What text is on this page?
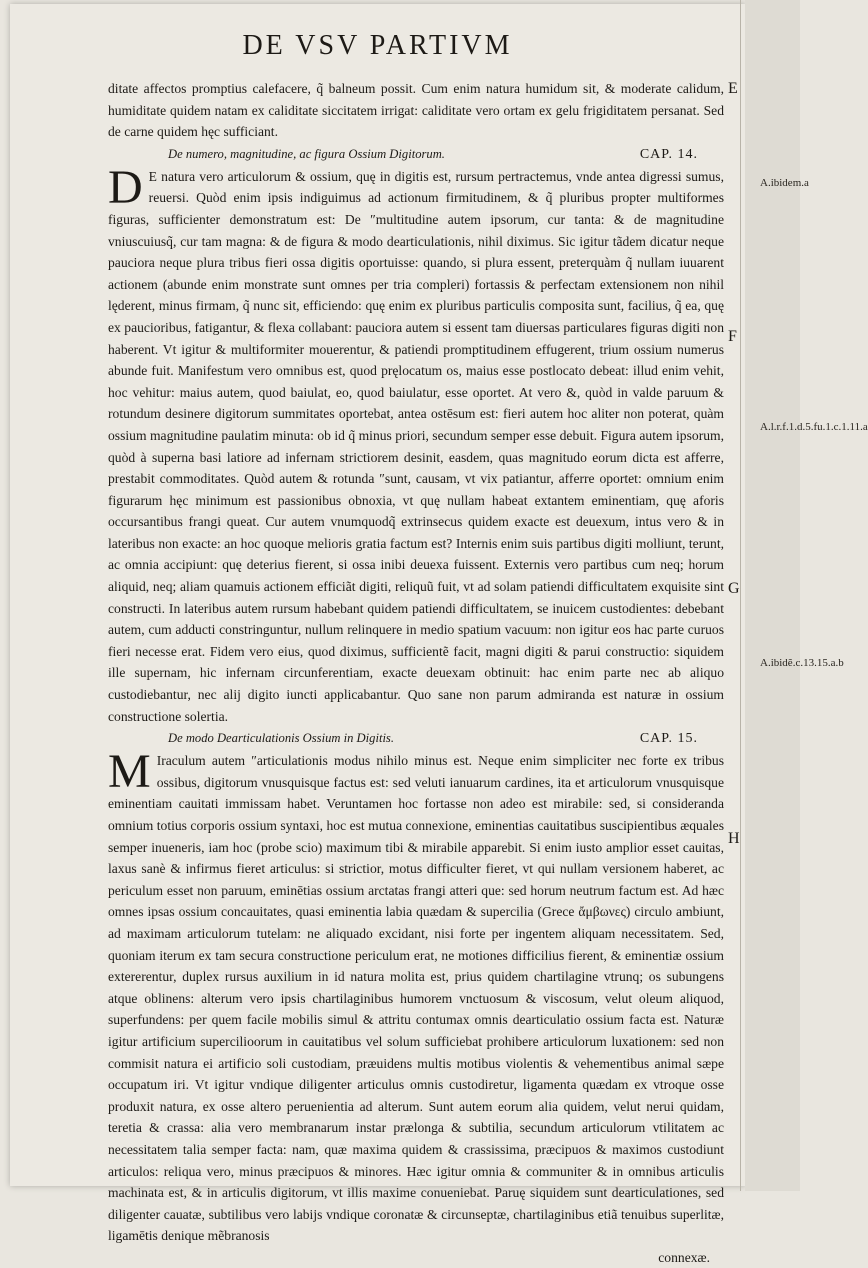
DE VSV PARTIVM

ditate affectos promptius calefacere, q̃ balneum possit. Cum enim natura humidum sit, & moderate calidum, humiditate quidem natam ex caliditate siccitatem irrigat: caliditate vero ortam ex gelu frigiditatem persanat. Sed de carne quidem hęc sufficiant.

De numero, magnitudine, ac figura Ossium Digitorum.	CAP. 14.

D E natura vero articulorum & ossium, quę in digitis est, rursum pertractemus, vnde antea digressi sumus, reuersi. Quòd enim ipsis indiguimus ad actionum firmitudinem, & q̃ pluribus propter multiformes figuras, sufficienter demonstratum est: De ″multitudine autem ipsorum, cur tanta: & de magnitudine vniuscuiusq̃, cur tam magna: & de figura & modo dearticulationis, nihil diximus. Sic igitur tãdem dicatur neque pauciora neque plura tribus fieri ossa digitis oportuisse: quando, si plura essent, preterquàm q̃ nullam iuuarent actionem (abunde enim monstrate sunt omnes per tria compleri) fortassis & perfectam extensionem non nihil lęderent, minus firmam, q̃ nunc sit, efficiendo: quę enim ex pluribus particulis composita sunt, facilius, q̃ ea, quę ex paucioribus, fatigantur, & flexa collabant: pauciora autem si essent tam diuersas particulares figuras digiti non haberent. Vt igitur & multiformiter mouerentur, & patiendi promptitudinem effugerent, trium ossium numerus abunde fuit. Manifestum vero omnibus est, quod pręlocatum os, maius esse postlocato debeat: illud enim vehit, hoc vehitur: maius autem, quod baiulat, eo, quod baiulatur, esse oportet. At vero &, quòd in valde paruum & rotundum desinere digitorum summitates oportebat, antea ostēsum est: fieri autem hoc aliter non poterat, quàm ossium magnitudine paulatim minuta: ob id q̃ minus priori, secundum semper esse debuit. Figura autem ipsorum, quòd à superna basi latiore ad infernam strictiorem desinit, easdem, quas magnitudo eorum dicta est afferre, prestabit commoditates. Quòd autem & rotunda ″sunt, causam, vt vix patiantur, afferre oportet: omnium enim figurarum hęc minimum est passionibus obnoxia, vt quę nullam habeat extantem eminentiam, quę aforis occursantibus frangi queat. Cur autem vnumquodq̃ extrinsecus quidem exacte est deuexum, intus vero & in lateribus non exacte: an hoc quoque melioris gratia factum est? Internis enim suis partibus digiti molliunt, terunt, ac omnia accipiunt: quę deterius fierent, si ossa inibi deuexa fuissent. Externis vero partibus cum neq; horum aliquid, neq; aliam quamuis actionem efficiãt digiti, reliquũ fuit, vt ad solam patiendi difficultatem exquisite sint constructi. In lateribus autem rursum habebant quidem patiendi difficultatem, se inuicem custodientes: debebant autem, cum adducti constringuntur, nullum relinquere in medio spatium vacuum: non igitur eos hac parte curuos fieri necesse erat. Fidem vero eius, quod diximus, sufficientẽ facit, magni digiti & parui constructio: siquidem ille supernam, hic infernam circunferentiam, exacte deuexam obtinuit: hac enim parte nec ab aliquo custodiebantur, nec alij digito iuncti applicabantur. Quo sane non parum admiranda est naturæ in ossium constructione solertia.

De modo Dearticulationis Ossium in Digitis.	CAP. 15.

M Iraculum autem ″articulationis modus nihilo minus est. Neque enim simpliciter nec forte ex tribus ossibus, digitorum vnusquisque factus est: sed veluti ianuarum cardines, ita et articulorum vnusquisque eminentiam cauitati immissam habet. Veruntamen hoc fortasse non adeo est mirabile: sed, si consideranda omnium totius corporis ossium syntaxi, hoc est mutua connexione, eminentias cauitatibus suscipientibus æquales semper inueneris, iam hoc (probe scio) maximum tibi & mirabile apparebit. Si enim iusto amplior esset cauitas, laxus sanè & infirmus fieret articulus: si strictior, motus difficulter fieret, vt qui nullam versionem haberet, ac periculum esset non paruum, eminētias ossium arctatas frangi atteri que: sed horum neutrum factum est. Ad hæc omnes ipsas ossium concauitates, quasi eminentia labia quædam & supercilia (Grece ἄμβωνες) circulo ambiunt, ad maximam articulorum tutelam: ne aliquado excidant, nisi forte per ingentem aliquam necessitatem. Sed, quoniam iterum ex tam secura constructione periculum erat, ne motiones difficilius fierent, & eminentiæ ossium extererentur, duplex rursus auxilium in id natura molita est, prius quidem chartilagine vtrunq; os subungens atque oblinens: alterum vero ipsis chartilaginibus humorem vnctuosum & viscosum, velut oleum aliquod, superfundens: per quem facile mobilis simul & attritu contumax omnis dearticulatio ossium facta est. Naturæ igitur artificium supercilioorum in cauitatibus vel solum sufficiebat prohibere articulorum luxationem: sed non commisit natura ei artificio soli custodiam, præuidens multis motibus violentis & vehementibus animal sæpe occupatum iri. Vt igitur vndique diligenter articulus omnis custodiretur, ligamenta quædam ex vtroque osse produxit natura, ex osse altero peruenientia ad alterum. Sunt autem eorum alia quidem, velut nerui quidam, teretia & crassa: alia vero membranarum instar prælonga & subtilia, secundum articulorum vtilitatem ac necessitatem talia semper facta: nam, quæ maxima quidem & crassissima, præcipuos & maximos custodiunt articulos: reliqua vero, minus præcipuos & minores. Hæc igitur omnia & communiter & in omnibus articulis machinata est, & in articulis digitorum, vt illis maxime conueniebat. Paruę siquidem sunt dearticulationes, sed diligenter cauatæ, subtilibus vero labijs vndique coronatæ & circunseptæ, chartilaginibus etiã tenuibus superlitæ, ligamētis denique mẽbranosis

connexæ.
E
F
G
H
A.ibidem.a
A.l.r.f.1.d.5.fu.1.c.1.11.a
A.ibidẽ.c.13.15.a.b
